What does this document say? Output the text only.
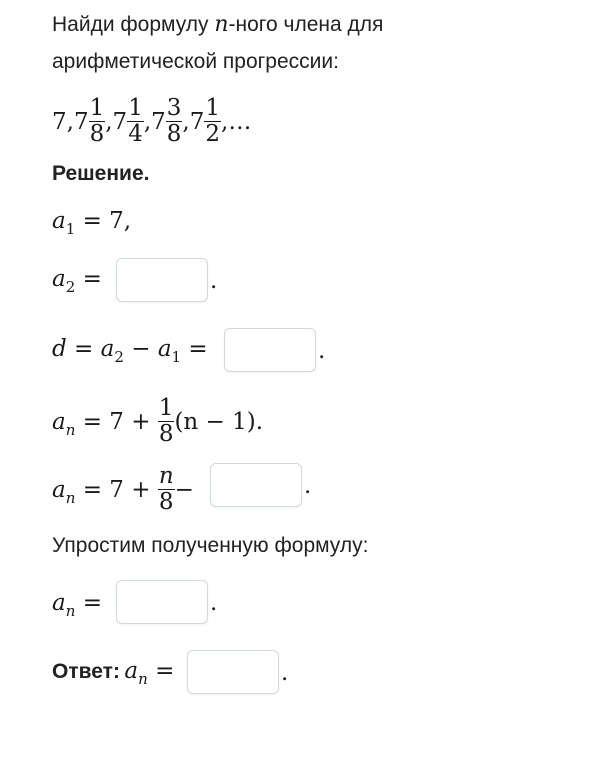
Найди формулу n-ного члена для
арифметической прогрессии:
$7,7 \frac{1}{8} ,7 \frac{1}{4} ,7 \frac{3}{8} ,7 \frac{1}{2}$ ,…
Решение.
$a_1 = 7$,
$a_2$ =	.
$d = a_2 - a_1$ =	.
$a_n = 7 + \frac{1}{8} (n - 1)$.
$a_n = 7 + \frac{n}{8}$ −	.
Упростим полученную формулу:
$a_n$ =	.
Ответ: an =	.
